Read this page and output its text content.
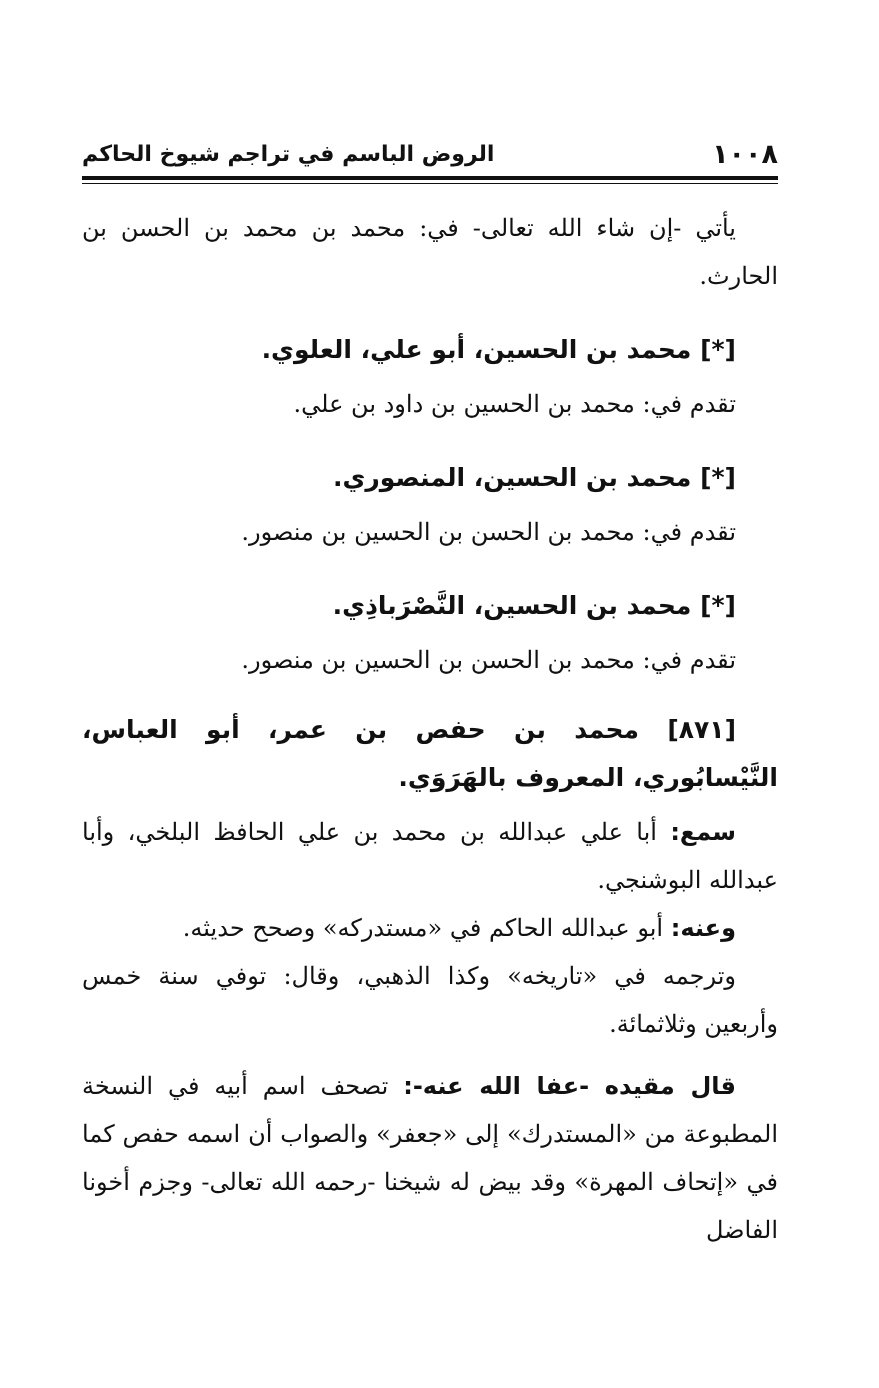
١٠٠٨
الروض الباسم في تراجم شيوخ الحاكم

يأتي -إن شاء الله تعالى- في: محمد بن محمد بن الحسن بن الحارث.

[*] محمد بن الحسين، أبو علي، العلوي.

تقدم في: محمد بن الحسين بن داود بن علي.

[*] محمد بن الحسين، المنصوري.

تقدم في: محمد بن الحسن بن الحسين بن منصور.

[*] محمد بن الحسين، النَّصْرَباذِي.

تقدم في: محمد بن الحسن بن الحسين بن منصور.

[٨٧١] محمد بن حفص بن عمر، أبو العباس، النَّيْسابُوري، المعروف بالهَرَوَي.

سمع: أبا علي عبدالله بن محمد بن علي الحافظ البلخي، وأبا عبدالله البوشنجي.

وعنه: أبو عبدالله الحاكم في «مستدركه» وصحح حديثه.

وترجمه في «تاريخه» وكذا الذهبي، وقال: توفي سنة خمس وأربعين وثلاثمائة.

قال مقيده -عفا الله عنه-: تصحف اسم أبيه في النسخة المطبوعة من «المستدرك» إلى «جعفر» والصواب أن اسمه حفص كما في «إتحاف المهرة» وقد بيض له شيخنا -رحمه الله تعالى- وجزم أخونا الفاضل
